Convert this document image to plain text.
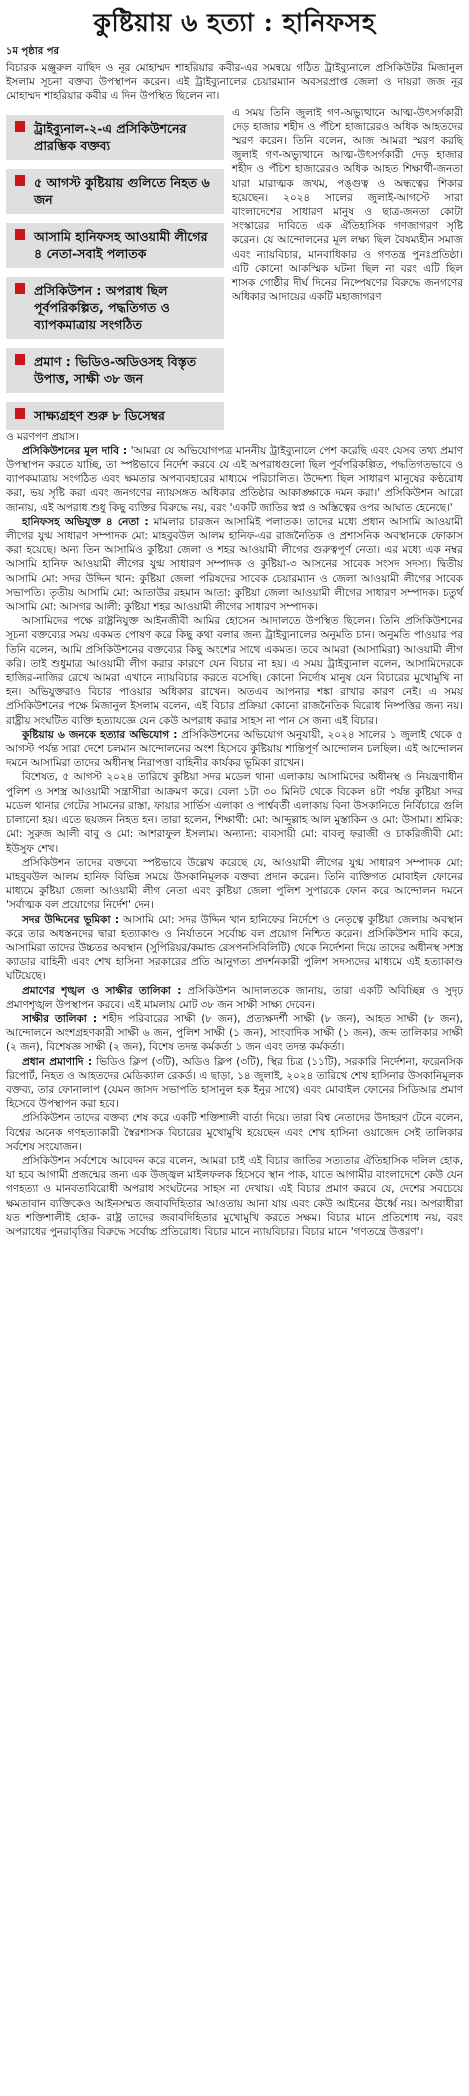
কুষ্টিয়ায় ৬ হত্যা : হানিফসহ
১ম পৃষ্ঠার পর

বিচারক মঞ্জুরুল বাছিদ ও নূর মোহাম্মদ শাহরিয়ার কবীর-এর সমন্বয়ে গঠিত ট্রাইব্যুনালে প্রসিকিউটর মিজানুল ইসলাম সূচনা বক্তব্য উপস্থাপন করেন। এই ট্রাইব্যুনালের চেয়ারম্যান অবসরপ্রাপ্ত জেলা ও দায়রা জজ নূর মোহাম্মদ শাহরিয়ার কবীর এ দিন উপস্থিত ছিলেন না।

ট্রাইব্যুনাল-২-এ প্রসিকিউশনের প্রারম্ভিক বক্তব্য
৫ আগস্ট কুষ্টিয়ায় গুলিতে নিহত ৬ জন
আসামি হানিফসহ আওয়ামী লীগের ৪ নেতা-সবাই পলাতক
প্রসিকিউশন : অপরাধ ছিল পূর্বপরিকল্পিত, পদ্ধতিগত ও ব্যাপকমাত্রায় সংগঠিত
প্রমাণ : ভিডিও-অডিওসহ বিস্তৃত উপাত্ত, সাক্ষী ৩৮ জন
সাক্ষ্যগ্রহণ শুরু ৮ ডিসেম্বর

এ সময় তিনি জুলাই গণ-অভ্যুত্থানে আত্ম-উৎসর্গকারী দেড় হাজার শহীদ ও পঁচিশ হাজারেরও অধিক আহতদের স্মরণ করেন। তিনি বলেন, আজ আমরা স্মরণ করছি জুলাই গণ-অভ্যুত্থানে আত্ম-উৎসর্গকারী দেড় হাজার শহীদ ও পঁচিশ হাজারেরও অধিক আহত শিক্ষার্থী-জনতা যারা মারাত্মক জখম, পঙ্গুত্ব ও অন্ধত্বের শিকার হয়েছেন। ২০২৪ সালের জুলাই-আগস্টে সারা বাংলাদেশের সাধারণ মানুষ ও ছাত্র-জনতা কোটা সংস্কারের দাবিতে এক ঐতিহাসিক গণজাগরণ সৃষ্টি করেন। যে আন্দোলনের মূল লক্ষ্য ছিল বৈষম্যহীন সমাজ এবং ন্যায়বিচার, মানবাধিকার ও গণতন্ত্র পুনঃপ্রতিষ্ঠা। এটি কোনো আকস্মিক ঘটনা ছিল না বরং এটি ছিল শাসক গোষ্ঠীর দীর্ঘ দিনের নিষ্পেষণের বিরুদ্ধে জনগণের অধিকার আদায়ের একটি মহাজাগরণ

ও মরণপণ প্রয়াস।

প্রসিকিউশনের মূল দাবি : 'আমরা যে অভিযোগপত্র মাননীয় ট্রাইব্যুনালে পেশ করেছি এবং যেসব তথ্য প্রমাণ উপস্থাপন করতে যাচ্ছি, তা স্পষ্টভাবে নির্দেশ করবে যে এই অপরাধগুলো ছিল পূর্বপরিকল্পিত, পদ্ধতিগতভাবে ও ব্যাপকমাত্রায় সংগঠিত এবং ক্ষমতার অপব্যবহারের মাধ্যমে পরিচালিত। উদ্দেশ্য ছিল সাধারণ মানুষের কণ্ঠরোধ করা, ভয় সৃষ্টি করা এবং জনগণের ন্যায়সঙ্গত অধিকার প্রতিষ্ঠার আকাঙ্ক্ষাকে দমন করা।' প্রসিকিউশন আরো জানায়, এই অপরাধ শুধু কিছু ব্যক্তির বিরুদ্ধে নয়, বরং 'একটি জাতির স্বপ্ন ও অস্তিত্বের ওপর আঘাত হেনেছে।'

হানিফসহ অভিযুক্ত ৪ নেতা : মামলার চারজন আসামিই পলাতক। তাদের মধ্যে প্রধান আসামি আওয়ামী লীগের যুগ্ম সাধারণ সম্পাদক মো: মাহবুবউল আলম হানিফ-এর রাজনৈতিক ও প্রশাসনিক অবস্থানকে ফোকাস করা হয়েছে। অন্য তিন আসামিও কুষ্টিয়া জেলা ও শহর আওয়ামী লীগের গুরুত্বপূর্ণ নেতা। এর মধ্যে এক নম্বর আসামি হানিফ আওয়ামী লীগের যুগ্ম সাধারণ সম্পাদক ও কুষ্টিয়া-৩ আসনের সাবেক সংসদ সদস্য। দ্বিতীয় আসামি মো: সদর উদ্দিন খান: কুষ্টিয়া জেলা পরিষদের সাবেক চেয়ারম্যান ও জেলা আওয়ামী লীগের সাবেক সভাপতি। তৃতীয় আসামি মো: আতাউর রহমান আতা: কুষ্টিয়া জেলা আওয়ামী লীগের সাধারণ সম্পাদক। চতুর্থ আসামি মো: আসগর আলী: কুষ্টিয়া শহর আওয়ামী লীগের সাধারণ সম্পাদক।

আসামিদের পক্ষে রাষ্ট্রনিযুক্ত আইনজীবী আমির হোসেন আদালতে উপস্থিত ছিলেন। তিনি প্রসিকিউশনের সূচনা বক্তব্যের সময় একমত পোষণ করে কিছু কথা বলার জন্য ট্রাইব্যুনালের অনুমতি চান। অনুমতি পাওয়ার পর তিনি বলেন, আমি প্রসিকিউশনের বক্তব্যের কিছু অংশের সাথে একমত। তবে আমরা (আসামিরা) আওয়ামী লীগ করি। তাই শুধুমাত্র আওয়ামী লীগ করার কারণে যেন বিচার না হয়। এ সময় ট্রাইব্যুনাল বলেন, আসামিদেরকে হাজির-নাজির রেখে আমরা এখানে ন্যায়বিচার করতে বসেছি। কোনো নির্দোষ মানুষ যেন বিচারের মুখোমুখি না হন। অভিযুক্তরাও বিচার পাওয়ার অধিকার রাখেন। অতএব আপনার শঙ্কা রাখার কারণ নেই। এ সময় প্রসিকিউশনের পক্ষে মিজানুল ইসলাম বলেন, এই বিচার প্রক্রিয়া কোনো রাজনৈতিক বিরোধ নিষ্পত্তির জন্য নয়। রাষ্ট্রীয় সংঘটিত ব্যক্তি হত্যাযজ্ঞে যেন কেউ অপরাধ করার সাহস না পান সে জন্য এই বিচার।

কুষ্টিয়ায় ৬ জনকে হত্যার অভিযোগ : প্রসিকিউশনের অভিযোগ অনুযায়ী, ২০২৪ সালের ১ জুলাই থেকে ৫ আগস্ট পর্যন্ত সারা দেশে চলমান আন্দোলনের অংশ হিসেবে কুষ্টিয়ায় শান্তিপূর্ণ আন্দোলন চলছিল। এই আন্দোলন দমনে আসামিরা তাদের অধীনস্থ নিরাপত্তা বাহিনীর কার্যকর ভূমিকা রাখেন।

বিশেষত, ৫ আগস্ট ২০২৪ তারিখে কুষ্টিয়া সদর মডেল থানা এলাকায় আসামিদের অধীনস্থ ও নিয়ন্ত্রণাধীন পুলিশ ও সশস্ত্র আওয়ামী সন্ত্রাসীরা আক্রমণ করে। বেলা ১টা ৩০ মিনিট থেকে বিকেল ৪টা পর্যন্ত কুষ্টিয়া সদর মডেল থানার গেটের সামনের রাস্তা, ফায়ার সার্ভিস এলাকা ও পার্শ্ববর্তী এলাকায় বিনা উসকানিতে নির্বিচারে গুলি চালানো হয়। এতে ছয়জন নিহত হন। তারা হলেন, শিক্ষার্থী: মো: আব্দুল্লাহ আল মুস্তাকিন ও মো: উসামা। শ্রমিক: মো: সুরুজ আলী বাবু ও মো: আশরাফুল ইসলাম। অন্যান্য: ব্যবসায়ী মো: বাবলু ফরাজী ও চাকরিজীবী মো: ইউসুফ শেখ।

প্রসিকিউশন তাদের বক্তব্যে স্পষ্টভাবে উল্লেখ করেছে যে, আওয়ামী লীগের যুগ্ম সাধারণ সম্পাদক মো: মাহবুবউল আলম হানিফ বিভিন্ন সময়ে উসকানিমূলক বক্তব্য প্রদান করেন। তিনি ব্যক্তিগত মোবাইল ফোনের মাধ্যমে কুষ্টিয়া জেলা আওয়ামী লীগ নেতা এবং কুষ্টিয়া জেলা পুলিশ সুপারকে ফোন করে আন্দোলন দমনে 'সর্বাত্মক বল প্রয়োগের নির্দেশ' দেন।

সদর উদ্দিনের ভূমিকা : আসামি মো: সদর উদ্দিন খান হানিফের নির্দেশে ও নেতৃত্বে কুষ্টিয়া জেলায় অবস্থান করে তার অধস্তনদের দ্বারা হত্যাকাণ্ড ও নির্যাতনে সর্বোচ্চ বল প্রয়োগ নিশ্চিত করেন। প্রসিকিউশন দাবি করে, আসামিরা তাদের উচ্চতর অবস্থান (সুপিরিয়র/কমান্ড রেসপনসিবিলিটি) থেকে নির্দেশনা দিয়ে তাদের অধীনস্থ সশস্ত্র ক্যাডার বাহিনী এবং শেখ হাসিনা সরকারের প্রতি আনুগত্য প্রদর্শনকারী পুলিশ সদস্যদের মাধ্যমে এই হত্যাকাণ্ড ঘটিয়েছে।

প্রমাণের শৃঙ্খল ও সাক্ষীর তালিকা : প্রসিকিউশন আদালতকে জানায়, তারা একটি অবিচ্ছিন্ন ও সুদৃঢ় প্রমাণশৃঙ্খল উপস্থাপন করবে। এই মামলায় মোট ৩৮ জন সাক্ষী সাক্ষ্য দেবেন।

সাক্ষীর তালিকা : শহীদ পরিবারের সাক্ষী (৮ জন), প্রত্যক্ষদর্শী সাক্ষী (৮ জন), আহত সাক্ষী (৮ জন), আন্দোলনে অংশগ্রহণকারী সাক্ষী ৬ জন, পুলিশ সাক্ষী (১ জন), সাংবাদিক সাক্ষী (১ জন), জব্দ তালিকার সাক্ষী (২ জন), বিশেষজ্ঞ সাক্ষী (২ জন), বিশেষ তদন্ত কর্মকর্তা ১ জন এবং তদন্ত কর্মকর্তা।

প্রধান প্রমাণাদি : ভিডিও ক্লিপ (৩টি), অডিও ক্লিপ (৩টি), স্থির চিত্র (১১টি), সরকারি নির্দেশনা, ফরেনসিক রিপোর্ট, নিহত ও আহতদের মেডিক্যাল রেকর্ড। এ ছাড়া, ১৪ জুলাই, ২০২৪ তারিখে শেখ হাসিনার উসকানিমূলক বক্তব্য, তার ফোনালাপ (যেমন জাসদ সভাপতি হাসানুল হক ইনুর সাথে) এবং মোবাইল ফোনের সিডিআর প্রমাণ হিসেবে উপস্থাপন করা হবে।

প্রসিকিউশন তাদের বক্তব্য শেষ করে একটি শক্তিশালী বার্তা দিয়ে। তারা বিশ্ব নেতাদের উদাহরণ টেনে বলেন, বিশ্বের অনেক গণহত্যাকারী স্বৈরশাসক বিচারের মুখোমুখি হয়েছেন এবং শেখ হাসিনা ওয়াজেদ সেই তালিকার সর্বশেষ সংযোজন।

প্রসিকিউশন সর্বশেষে আবেদন করে বলেন, আমরা চাই এই বিচার জাতির সত্যতার ঐতিহাসিক দলিল হোক, যা হবে আগামী প্রজন্মের জন্য এক উজ্জ্বল মাইলফলক হিসেবে স্থান পাক, যাতে আগামীর বাংলাদেশে কেউ যেন গণহত্যা ও মানবতাবিরোধী অপরাধ সংঘটনের সাহস না দেখায়। এই বিচার প্রমাণ করবে যে, দেশের সবচেয়ে ক্ষমতাবান ব্যক্তিকেও আইনসম্মত জবাবদিহিতার আওতায় আনা যায় এবং কেউ আইনের ঊর্ধ্বে নয়। অপরাধীরা যত শক্তিশালীই হোক- রাষ্ট্র তাদের জবাবদিহিতার মুখোমুখি করতে সক্ষম। বিচার মানে প্রতিশোধ নয়, বরং অপরাধের পুনরাবৃত্তির বিরুদ্ধে সর্বোচ্চ প্রতিরোধ। বিচার মানে ন্যায়বিচার। বিচার মানে 'গণতন্ত্রে উত্তরণ'।
